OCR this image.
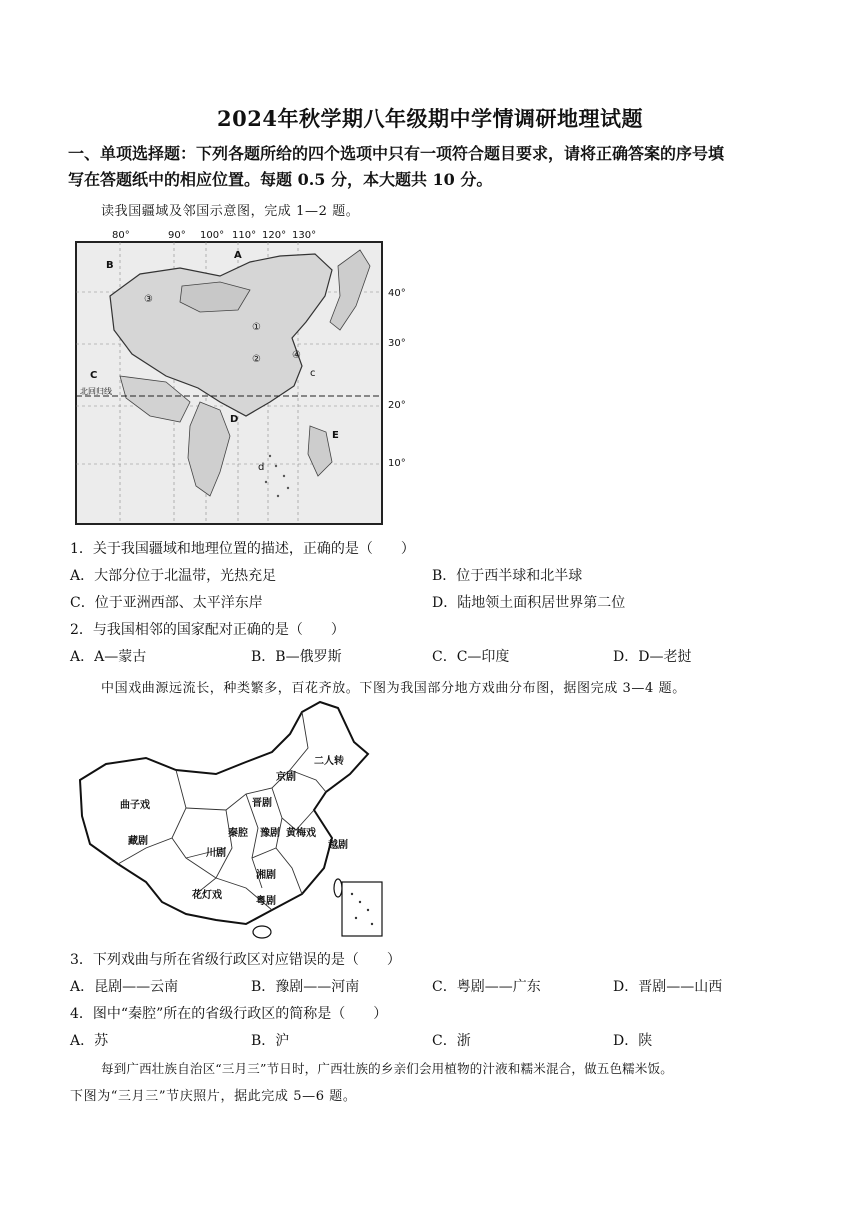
2024年秋学期八年级期中学情调研地理试题
一、单项选择题：下列各题所给的四个选项中只有一项符合题目要求，请将正确答案的序号填
写在答题纸中的相应位置。每题 0.5 分，本大题共 10 分。
读我国疆域及邻国示意图，完成 1—2 题。
80°	90° 100° 110° 120° 130°
40°
30°
20°
10°
A
B
C
D
E
c
d
①
②
③
④
北回归线
1．关于我国疆域和地理位置的描述，正确的是（　　）
A．大部分位于北温带，光热充足	B．位于西半球和北半球
C．位于亚洲西部、太平洋东岸	D．陆地领土面积居世界第二位
2．与我国相邻的国家配对正确的是（　　）
A．A—蒙古	B．B—俄罗斯	C．C—印度	D．D—老挝
中国戏曲源远流长，种类繁多，百花齐放。下图为我国部分地方戏曲分布图，据图完成 3—4 题。
曲子戏
京剧
二人转
晋剧
藏剧
秦腔 豫剧 黄梅戏
越剧
川剧
湘剧
花灯戏
粤剧
3．下列戏曲与所在省级行政区对应错误的是（　　）
A．昆剧——云南	B．豫剧——河南	C．粤剧——广东	D．晋剧——山西
4．图中“秦腔”所在的省级行政区的简称是（　　）
A．苏	B．沪	C．浙	D．陕
每到广西壮族自治区“三月三”节日时，广西壮族的乡亲们会用植物的汁液和糯米混合，做五色糯米饭。
下图为“三月三”节庆照片，据此完成 5—6 题。
